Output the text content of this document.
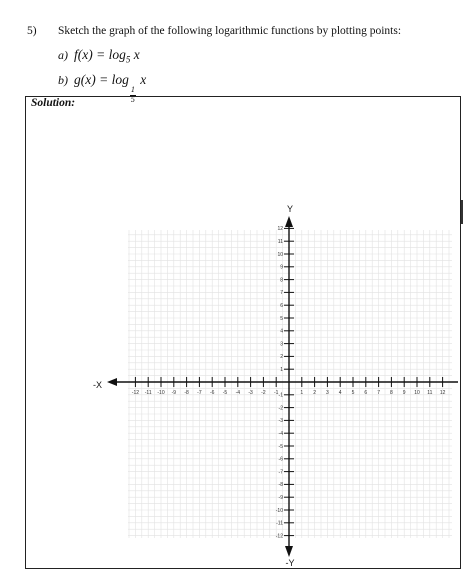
5) Sketch the graph of the following logarithmic functions by plotting points:
a) $f(x) = \log_5 x$
b) g(x) = log
$\frac{1}{5}$
x
Solution:
-12
-12
-11
-11
-10
-10
-9
-9
-8
-8
-7
-7
-6
-6
-5
-5
-4
-4
-3
-3
-2
-2
-1 -1	1
1
2
2
3
3
4
4
5
5
6
6
7
7
8
8
9
9
10
10
11
11
12
12
Y
-Y
-X
